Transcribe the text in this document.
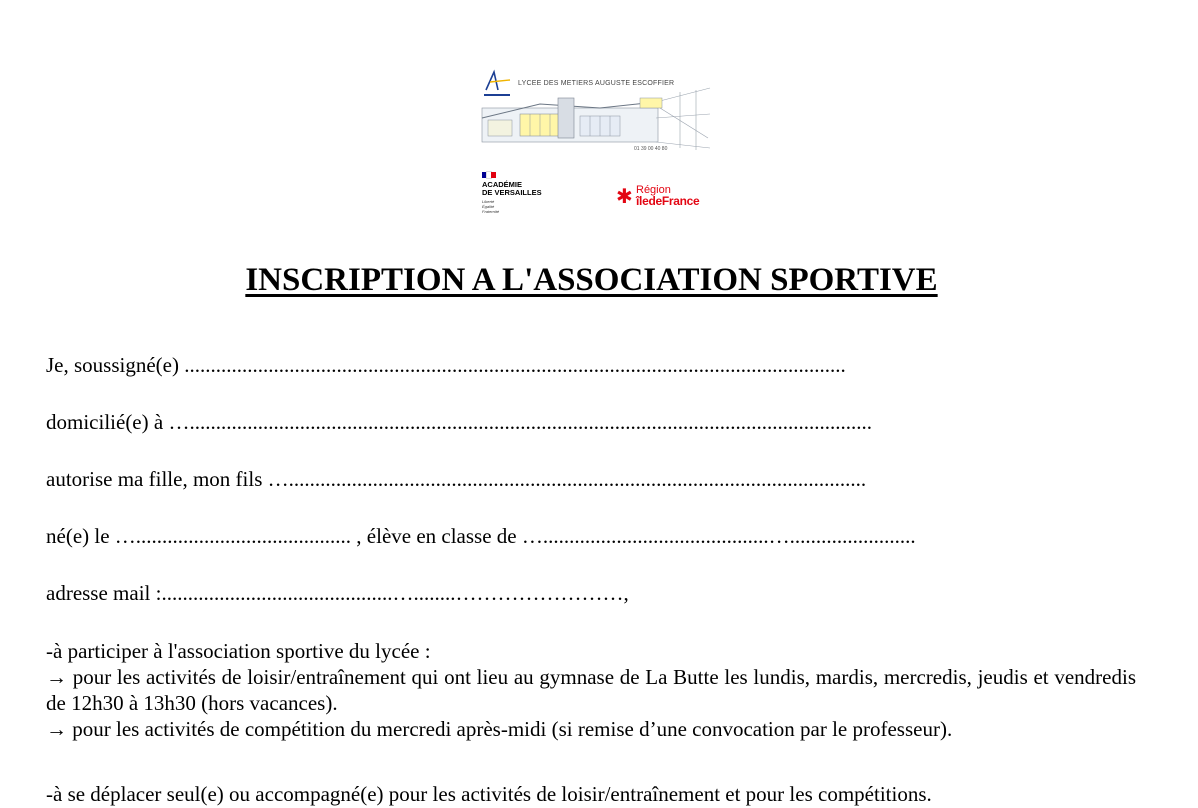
LYCEE DES METIERS AUGUSTE ESCOFFIER
01 39 00 40 80
ACADÉMIE
DE VERSAILLES
Liberté
Égalité
Fraternité
✱ Région
îledeFrance
INSCRIPTION A L'ASSOCIATION SPORTIVE
Je, soussigné(e) ..............................................................................................................................
domicilié(e) à …..................................................................................................................................
autorise ma fille, mon fils …..............................................................................................................
né(e) le …......................................... , élève en classe de …...........................................…........................
adresse mail :............................................…........……………………,

-à participer à l'association sportive du lycée :

→ pour les activités de loisir/entraînement qui ont lieu au gymnase de La Butte les lundis, mardis, mercredis, jeudis et vendredis de 12h30 à 13h30 (hors vacances).

→ pour les activités de compétition du mercredi après-midi (si remise d’une convocation par le professeur).

-à se déplacer seul(e) ou accompagné(e) pour les activités de loisir/entraînement et pour les compétitions.
